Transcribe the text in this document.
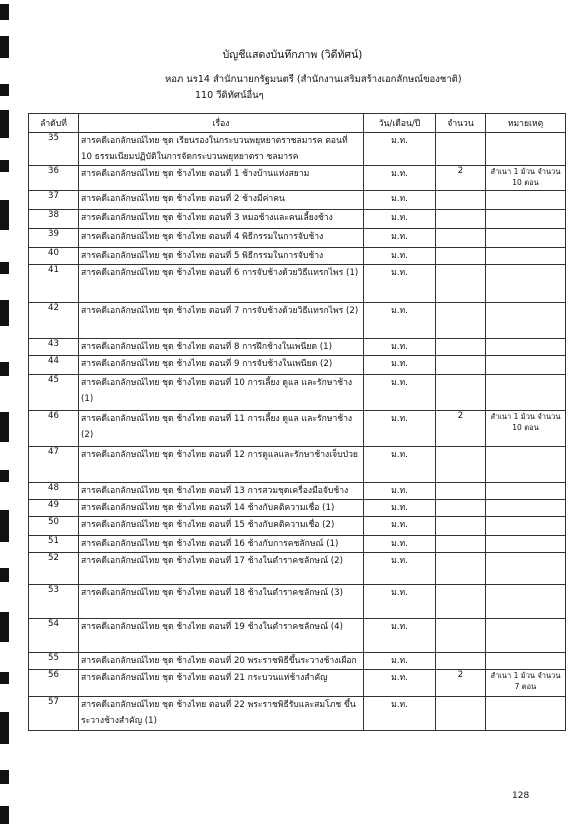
บัญชีแสดงบันทึกภาพ (วิดีทัศน์)
หอภ นร14 สำนักนายกรัฐมนตรี (สำนักงานเสริมสร้างเอกลักษณ์ของชาติ)
110 วีดิทัศน์อื่นๆ
ลำดับที่	เรื่อง	วัน/เดือน/ปี	จำนวน	หมายเหตุ
35	สารคดีเอกลักษณ์ไทย ชุด เรียนรองในกระบวนพยุหยาตราชลมารค ตอนที่ 10 ธรรมเนียมปฏิบัติในการจัดกระบวนพยุหยาตรา ชลมารค	ม.ท.		
36	สารคดีเอกลักษณ์ไทย ชุด ช้างไทย ตอนที่ 1 ช้างบ้านแห่งสยาม	ม.ท.	2	สำเนา 1 ม้วน จำนวน 10 ตอน
37	สารคดีเอกลักษณ์ไทย ชุด ช้างไทย ตอนที่ 2 ช้างมีค่าคน	ม.ท.		
38	สารคดีเอกลักษณ์ไทย ชุด ช้างไทย ตอนที่ 3 หมอช้างและคนเลี้ยงช้าง	ม.ท.		
39	สารคดีเอกลักษณ์ไทย ชุด ช้างไทย ตอนที่ 4 พิธีกรรมในการจับช้าง	ม.ท.		
40	สารคดีเอกลักษณ์ไทย ชุด ช้างไทย ตอนที่ 5 พิธีกรรมในการจับช้าง	ม.ท.		
41	สารคดีเอกลักษณ์ไทย ชุด ช้างไทย ตอนที่ 6 การจับช้างด้วยวิธีแทรกไพร (1)	ม.ท.		
42	สารคดีเอกลักษณ์ไทย ชุด ช้างไทย ตอนที่ 7 การจับช้างด้วยวิธีแทรกไพร (2)	ม.ท.		
43	สารคดีเอกลักษณ์ไทย ชุด ช้างไทย ตอนที่ 8 การฝึกช้างในเพนียด (1)	ม.ท.		
44	สารคดีเอกลักษณ์ไทย ชุด ช้างไทย ตอนที่ 9 การจับช้างในเพนียด (2)	ม.ท.		
45	สารคดีเอกลักษณ์ไทย ชุด ช้างไทย ตอนที่ 10 การเลี้ยง ดูแล และรักษาช้าง (1)	ม.ท.		
46	สารคดีเอกลักษณ์ไทย ชุด ช้างไทย ตอนที่ 11 การเลี้ยง ดูแล และรักษาช้าง (2)	ม.ท.	2	สำเนา 1 ม้วน จำนวน 10 ตอน
47	สารคดีเอกลักษณ์ไทย ชุด ช้างไทย ตอนที่ 12 การดูแลและรักษาช้างเจ็บป่วย	ม.ท.		
48	สารคดีเอกลักษณ์ไทย ชุด ช้างไทย ตอนที่ 13 การสวมชุดเครื่องมือจับช้าง	ม.ท.		
49	สารคดีเอกลักษณ์ไทย ชุด ช้างไทย ตอนที่ 14 ช้างกับคติความเชื่อ (1)	ม.ท.		
50	สารคดีเอกลักษณ์ไทย ชุด ช้างไทย ตอนที่ 15 ช้างกับคติความเชื่อ (2)	ม.ท.		
51	สารคดีเอกลักษณ์ไทย ชุด ช้างไทย ตอนที่ 16 ช้างกับการคชลักษณ์ (1)	ม.ท.		
52	สารคดีเอกลักษณ์ไทย ชุด ช้างไทย ตอนที่ 17 ช้างในตำราคชลักษณ์ (2)	ม.ท.		
53	สารคดีเอกลักษณ์ไทย ชุด ช้างไทย ตอนที่ 18 ช้างในตำราคชลักษณ์ (3)	ม.ท.		
54	สารคดีเอกลักษณ์ไทย ชุด ช้างไทย ตอนที่ 19 ช้างในตำราคชลักษณ์ (4)	ม.ท.		
55	สารคดีเอกลักษณ์ไทย ชุด ช้างไทย ตอนที่ 20 พระราชพิธีขึ้นระวางช้างเผือก	ม.ท.		
56	สารคดีเอกลักษณ์ไทย ชุด ช้างไทย ตอนที่ 21 กระบวนแห่ช้างสำคัญ	ม.ท.	2	สำเนา 1 ม้วน จำนวน 7 ตอน
57	สารคดีเอกลักษณ์ไทย ชุด ช้างไทย ตอนที่ 22 พระราชพิธีรับและสมโภช ขึ้นระวางช้างสำคัญ (1)	ม.ท.		
128
